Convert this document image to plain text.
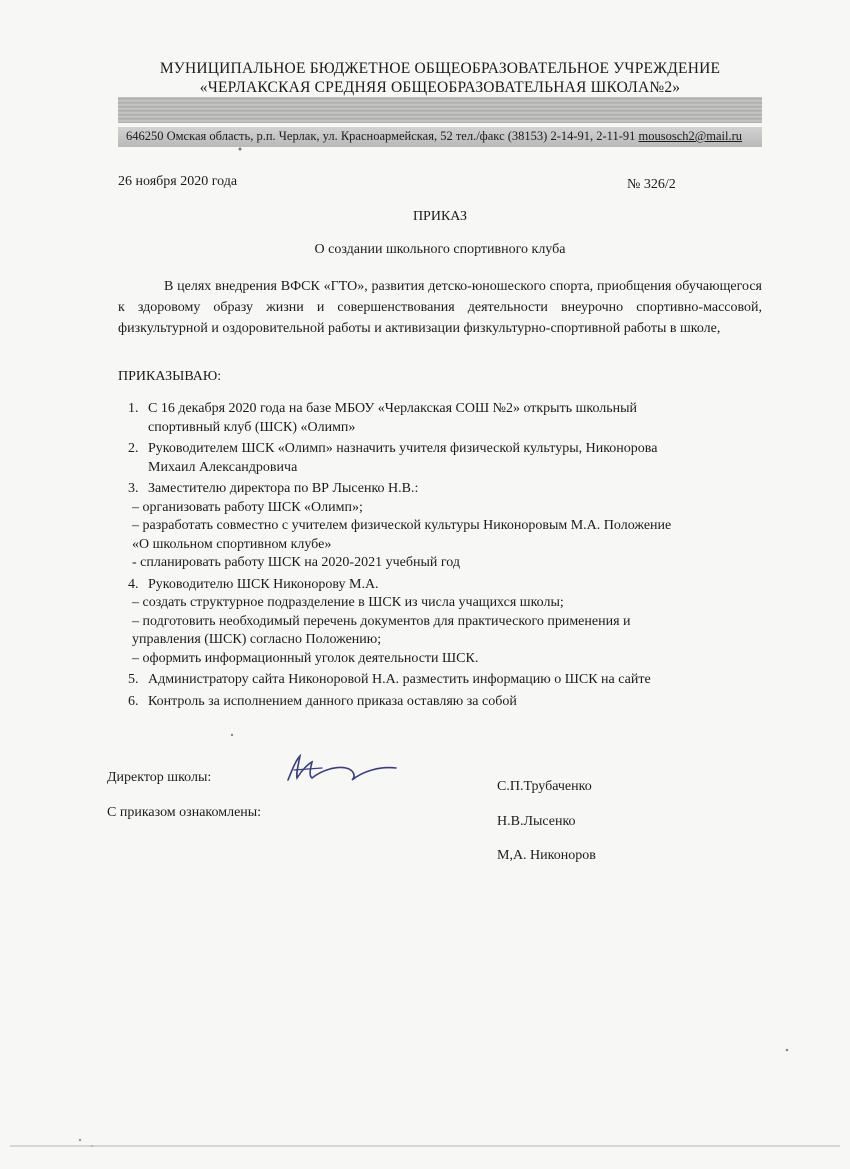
МУНИЦИПАЛЬНОЕ БЮДЖЕТНОЕ ОБЩЕОБРАЗОВАТЕЛЬНОЕ УЧРЕЖДЕНИЕ
«ЧЕРЛАКСКАЯ СРЕДНЯЯ ОБЩЕОБРАЗОВАТЕЛЬНАЯ ШКОЛА№2»
646250 Омская область, р.п. Черлак, ул. Красноармейская, 52 тел./факс (38153) 2-14-91, 2-11-91 mousosch2@mail.ru
26 ноября 2020 года	№ 326/2
ПРИКАЗ
О создании школьного спортивного клуба
В целях внедрения ВФСК «ГТО», развития детско-юношеского спорта, приобщения обучающегося к здоровому образу жизни и совершенствования деятельности внеурочно спортивно-массовой, физкультурной и оздоровительной работы и активизации физкультурно-спортивной работы в школе,
ПРИКАЗЫВАЮ:
1. С 16 декабря 2020 года на базе МБОУ «Черлакская СОШ №2» открыть школьный
спортивный клуб (ШСК) «Олимп»
2. Руководителем ШСК «Олимп» назначить учителя физической культуры, Никонорова
Михаил Александровича
3. Заместителю директора по ВР Лысенко Н.В.:
– организовать работу ШСК «Олимп»;
– разработать совместно с учителем физической культуры Никоноровым М.А. Положение
«О школьном спортивном клубе»
- спланировать работу ШСК на 2020-2021 учебный год
4. Руководителю ШСК Никонорову М.А.
– создать структурное подразделение в ШСК из числа учащихся школы;
– подготовить необходимый перечень документов для практического применения и
управления (ШСК) согласно Положению;
– оформить информационный уголок деятельности ШСК.
5. Администратору сайта Никоноровой Н.А. разместить информацию о ШСК на сайте
6. Контроль за исполнением данного приказа оставляю за собой
Директор школы:
С.П.Трубаченко
С приказом ознакомлены:
Н.В.Лысенко
М,А. Никоноров
